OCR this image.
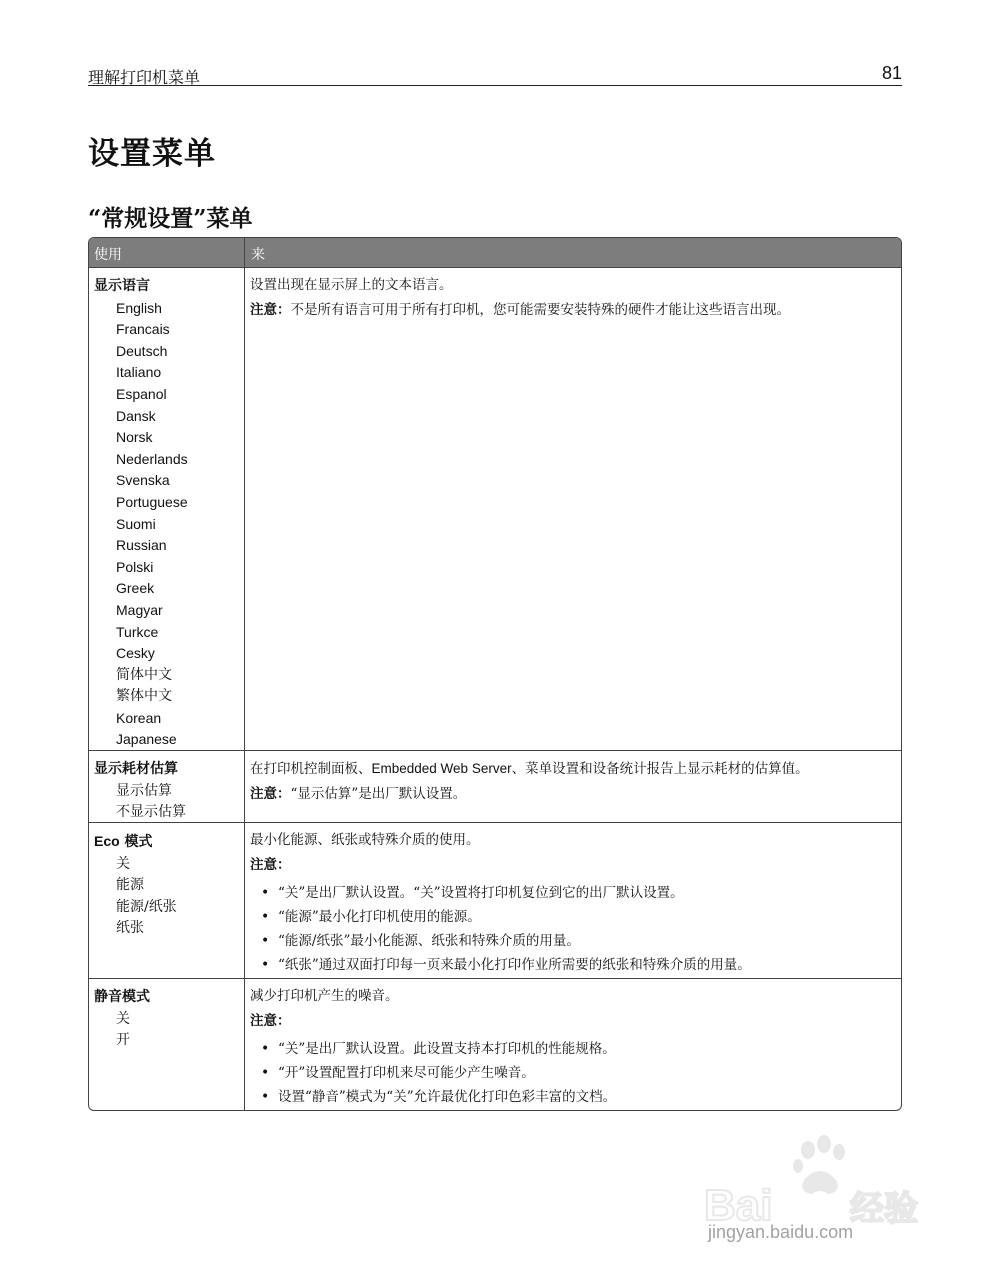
理解打印机菜单	81
设置菜单
“常规设置”菜单
使用	来
显示语言
English
Francais
Deutsch
Italiano
Espanol
Dansk
Norsk
Nederlands
Svenska
Portuguese
Suomi
Russian
Polski
Greek
Magyar
Turkce
Cesky
简体中文
繁体中文
Korean
Japanese
设置出现在显示屏上的文本语言。
注意：不是所有语言可用于所有打印机，您可能需要安装特殊的硬件才能让这些语言出现。
显示耗材估算
显示估算
不显示估算
在打印机控制面板、Embedded Web Server、菜单设置和设备统计报告上显示耗材的估算值。
注意：“显示估算”是出厂默认设置。
Eco 模式
关
能源
能源/纸张
纸张
最小化能源、纸张或特殊介质的使用。
注意：
• “关”是出厂默认设置。“关”设置将打印机复位到它的出厂默认设置。
• “能源”最小化打印机使用的能源。
• “能源/纸张”最小化能源、纸张和特殊介质的用量。
• “纸张”通过双面打印每一页来最小化打印作业所需要的纸张和特殊介质的用量。
静音模式
关
开
减少打印机产生的噪音。
注意：
• “关”是出厂默认设置。此设置支持本打印机的性能规格。
• “开”设置配置打印机来尽可能少产生噪音。
• 设置“静音”模式为“关”允许最优化打印色彩丰富的文档。
Bai 经验
jingyan.baidu.com
